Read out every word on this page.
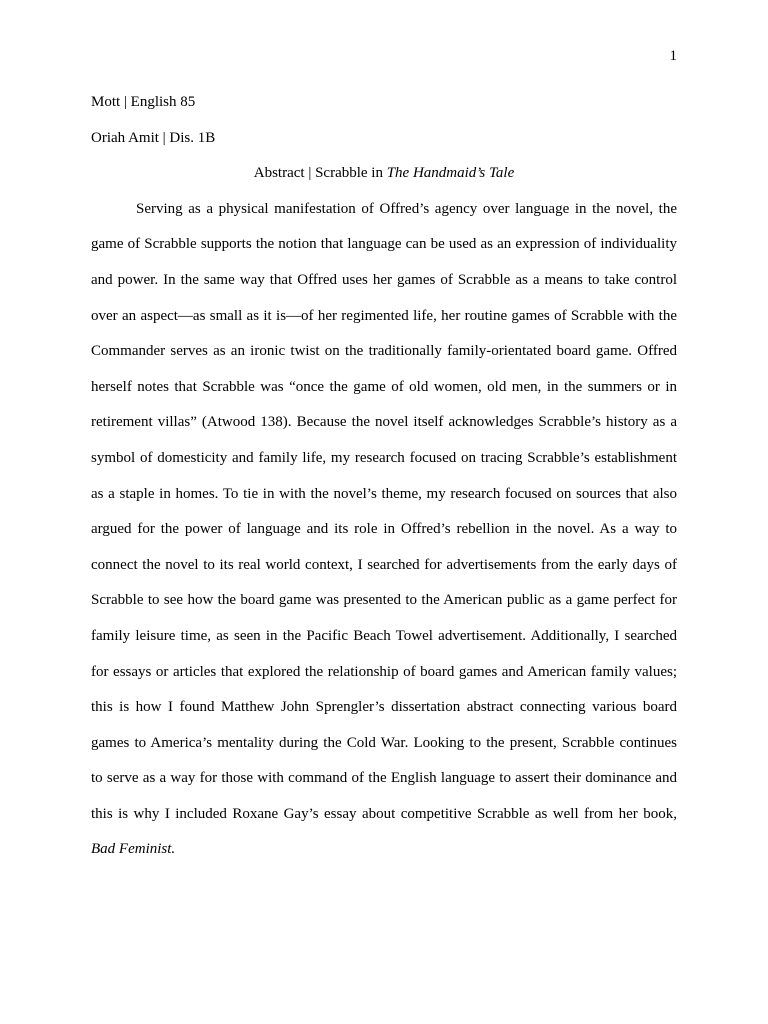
1

Mott | English 85

Oriah Amit | Dis. 1B

Abstract | Scrabble in The Handmaid’s Tale

Serving as a physical manifestation of Offred’s agency over language in the novel, the

game of Scrabble supports the notion that language can be used as an expression of individuality

and power. In the same way that Offred uses her games of Scrabble as a means to take control

over an aspect—as small as it is—of her regimented life, her routine games of Scrabble with the

Commander serves as an ironic twist on the traditionally family-orientated board game. Offred

herself notes that Scrabble was “once the game of old women, old men, in the summers or in

retirement villas” (Atwood 138). Because the novel itself acknowledges Scrabble’s history as a

symbol of domesticity and family life, my research focused on tracing Scrabble’s establishment

as a staple in homes. To tie in with the novel’s theme, my research focused on sources that also

argued for the power of language and its role in Offred’s rebellion in the novel. As a way to

connect the novel to its real world context, I searched for advertisements from the early days of

Scrabble to see how the board game was presented to the American public as a game perfect for

family leisure time, as seen in the Pacific Beach Towel advertisement. Additionally, I searched

for essays or articles that explored the relationship of board games and American family values;

this is how I found Matthew John Sprengler’s dissertation abstract connecting various board

games to America’s mentality during the Cold War. Looking to the present, Scrabble continues

to serve as a way for those with command of the English language to assert their dominance and

this is why I included Roxane Gay’s essay about competitive Scrabble as well from her book,

Bad Feminist.
